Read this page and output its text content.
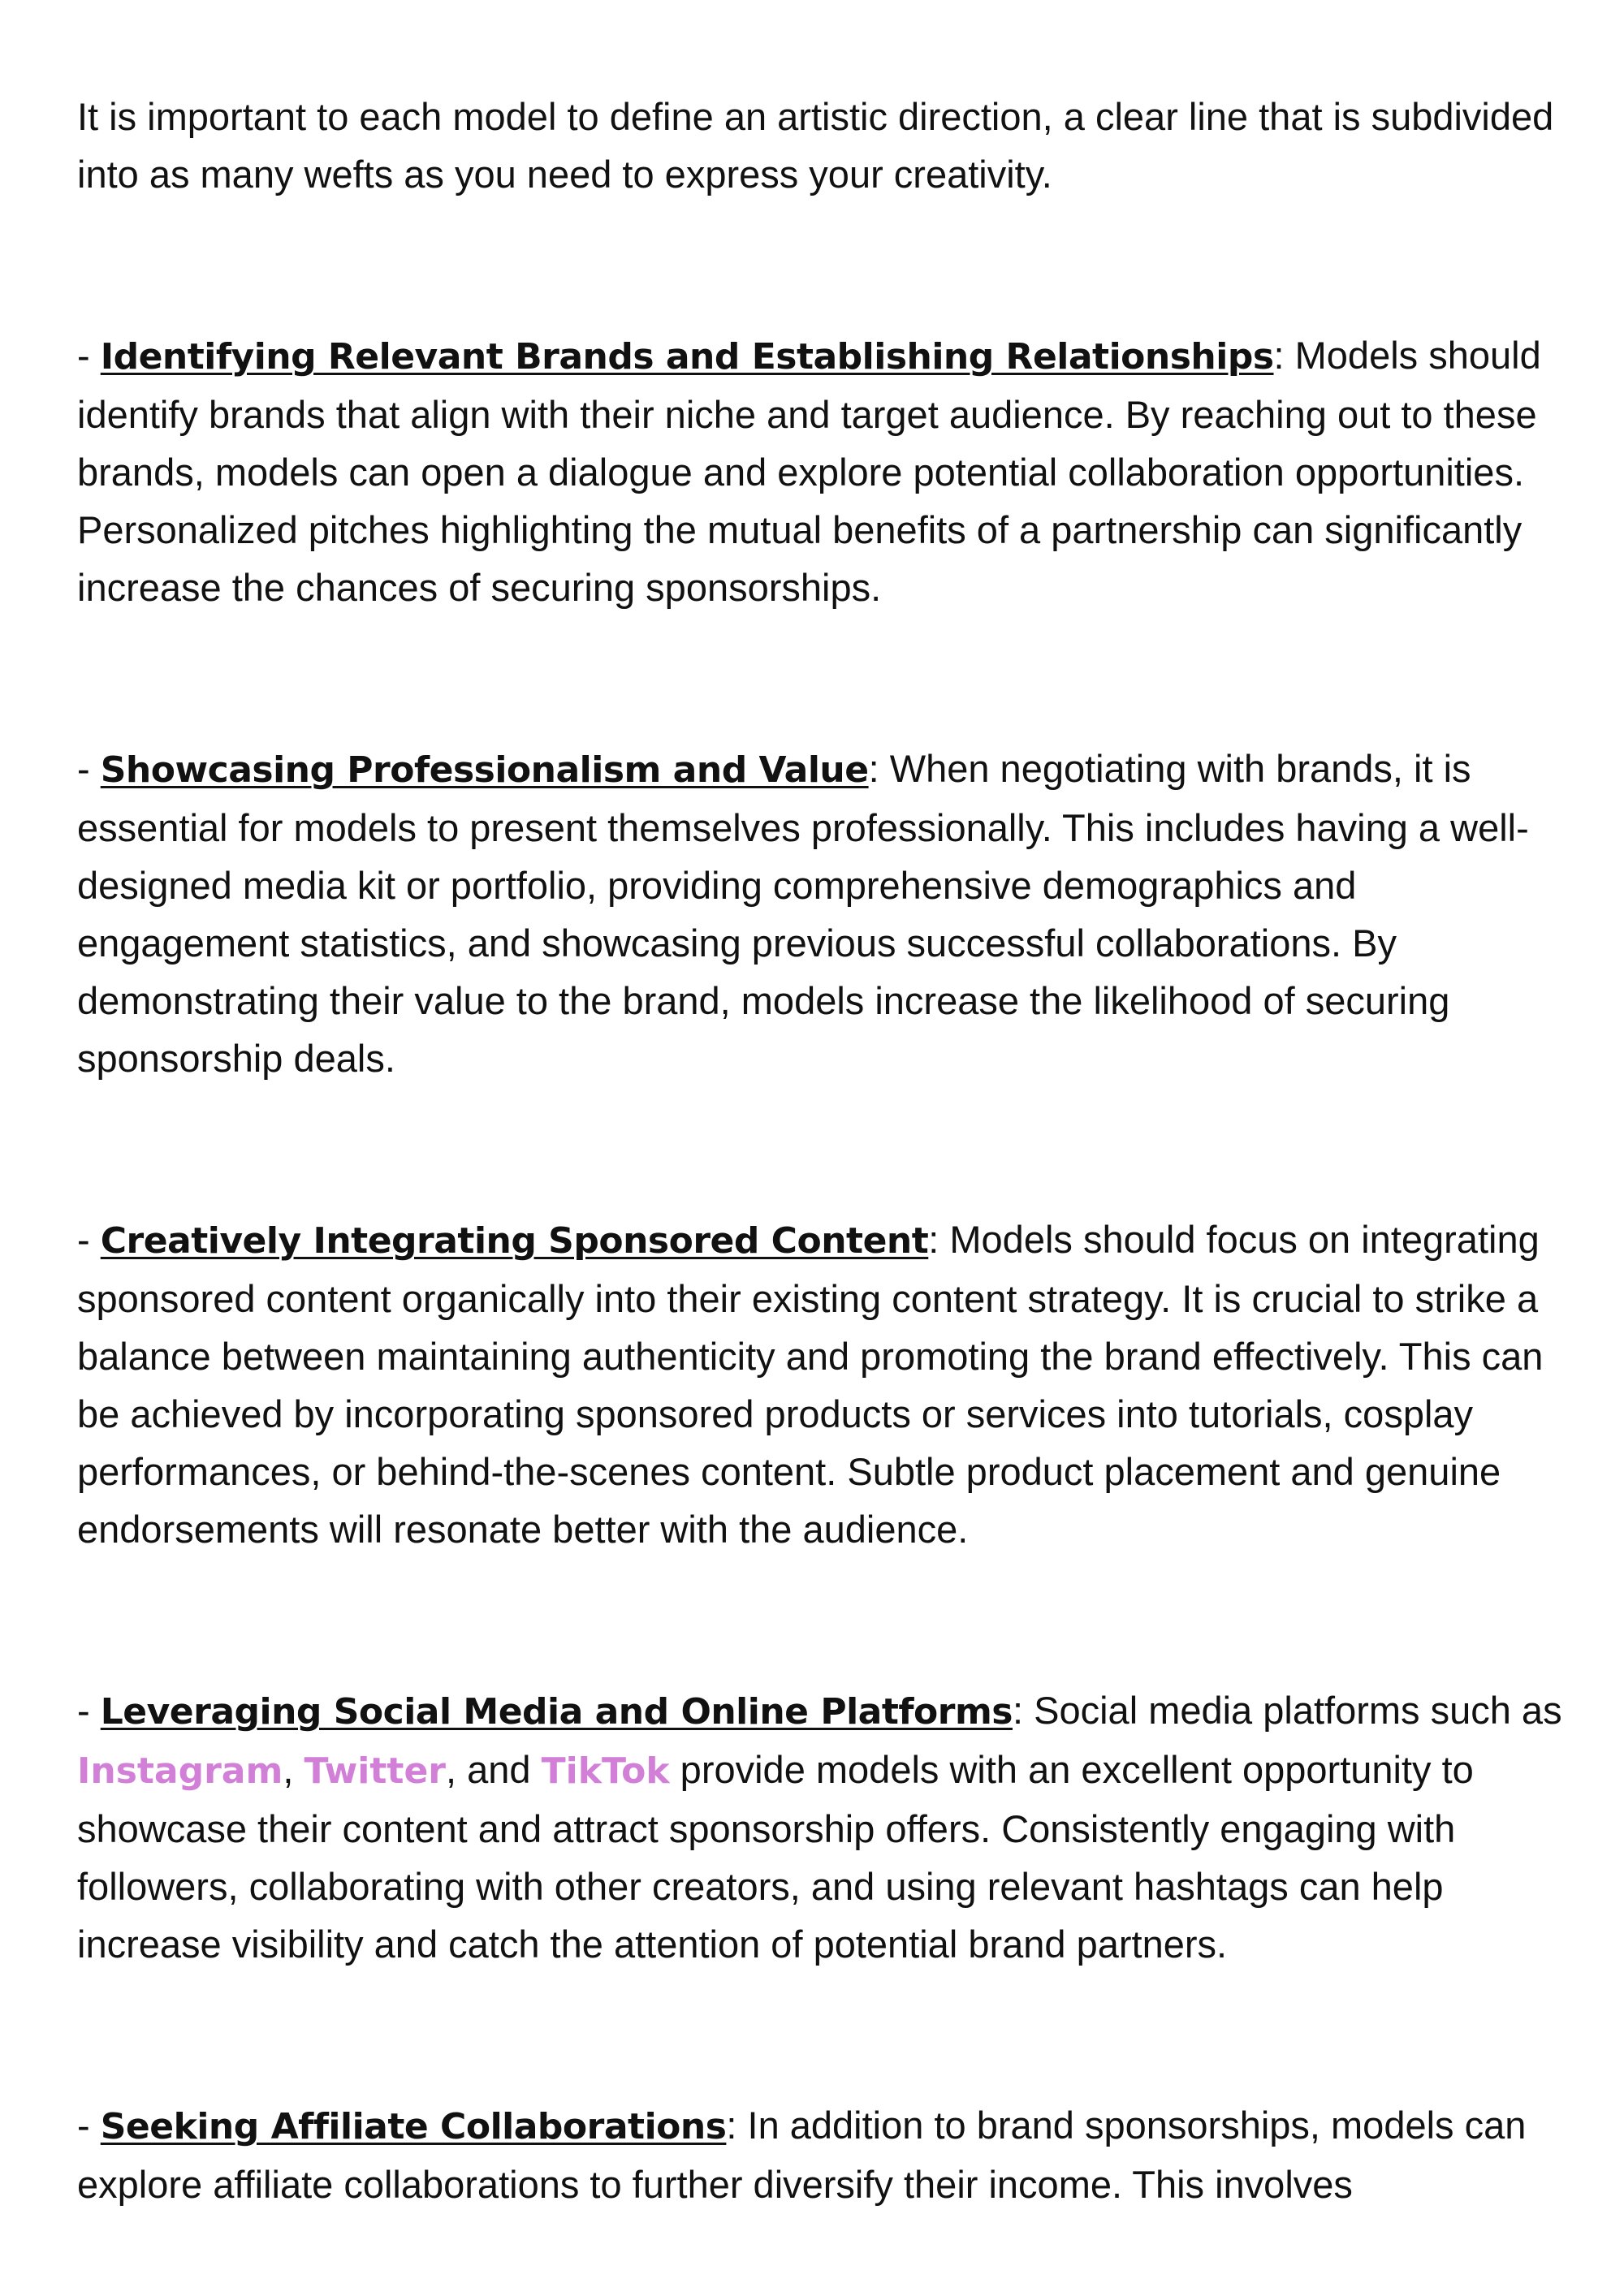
It is important to each model to define an artistic direction, a clear line that is subdivided into as many wefts as you need to express your creativity.

- Identifying Relevant Brands and Establishing Relationships: Models should identify brands that align with their niche and target audience. By reaching out to these brands, models can open a dialogue and explore potential collaboration opportunities. Personalized pitches highlighting the mutual benefits of a partnership can significantly increase the chances of securing sponsorships.

- Showcasing Professionalism and Value: When negotiating with brands, it is essential for models to present themselves professionally. This includes having a well-designed media kit or portfolio, providing comprehensive demographics and engagement statistics, and showcasing previous successful collaborations. By demonstrating their value to the brand, models increase the likelihood of securing sponsorship deals.

- Creatively Integrating Sponsored Content: Models should focus on integrating sponsored content organically into their existing content strategy. It is crucial to strike a balance between maintaining authenticity and promoting the brand effectively. This can be achieved by incorporating sponsored products or services into tutorials, cosplay performances, or behind-the-scenes content. Subtle product placement and genuine endorsements will resonate better with the audience.

- Leveraging Social Media and Online Platforms: Social media platforms such as Instagram, Twitter, and TikTok provide models with an excellent opportunity to showcase their content and attract sponsorship offers. Consistently engaging with followers, collaborating with other creators, and using relevant hashtags can help increase visibility and catch the attention of potential brand partners.

- Seeking Affiliate Collaborations: In addition to brand sponsorships, models can explore affiliate collaborations to further diversify their income. This involves
